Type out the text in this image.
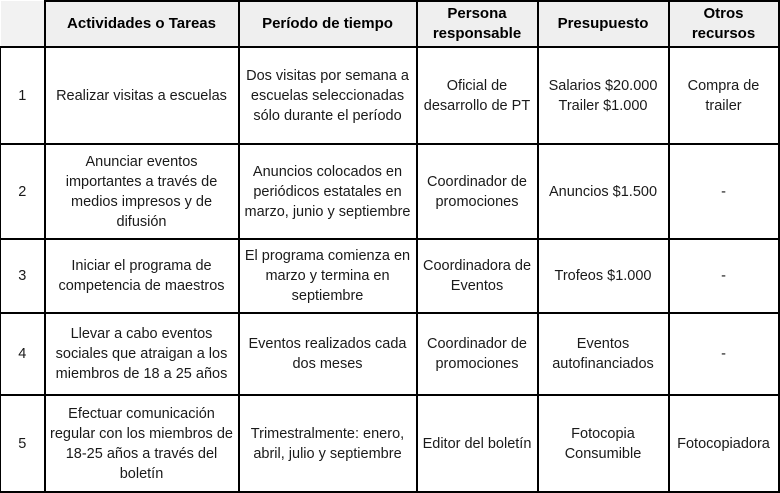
	Actividades o Tareas	Período de tiempo	Persona responsable	Presupuesto	Otros recursos
1	Realizar visitas a escuelas	Dos visitas por semana a escuelas seleccionadas sólo durante el período	Oficial de desarrollo de PT	Salarios $20.000 Trailer $1.000	Compra de trailer
2	Anunciar eventos importantes a través de medios impresos y de difusión	Anuncios colocados en periódicos estatales en marzo, junio y septiembre	Coordinador de promociones	Anuncios $1.500	-
3	Iniciar el programa de competencia de maestros	El programa comienza en marzo y termina en septiembre	Coordinadora de Eventos	Trofeos $1.000	-
4	Llevar a cabo eventos sociales que atraigan a los miembros de 18 a 25 años	Eventos realizados cada dos meses	Coordinador de promociones	Eventos autofinanciados	-
5	Efectuar comunicación regular con los miembros de 18-25 años a través del boletín	Trimestralmente: enero, abril, julio y septiembre	Editor del boletín	Fotocopia Consumible	Fotocopiadora
